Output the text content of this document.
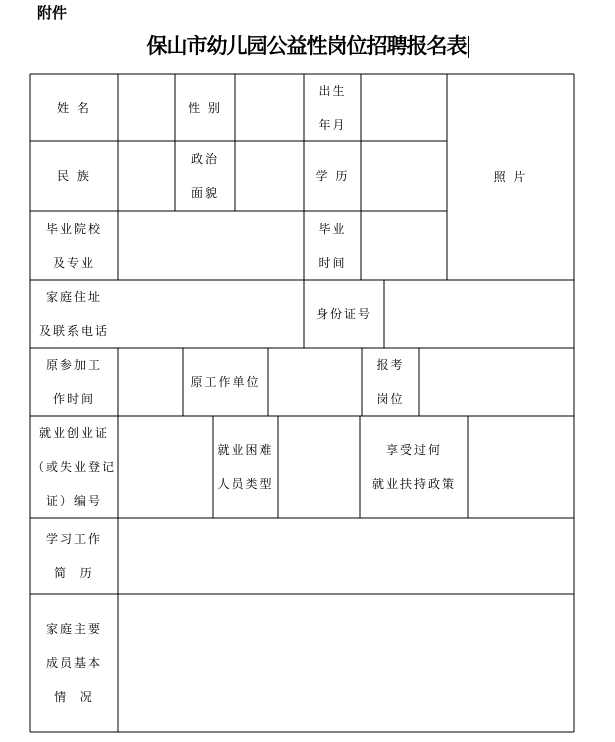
附件
保山市幼儿园公益性岗位招聘报名表
姓 名	性 别
出生
年月
照 片
民 族
政治
面貌
学 历
毕业院校
及专业
毕业
时间
家庭住址
及联系电话
身份证号
原参加工
作时间
原工作单位
报考
岗位
就业创业证
（或失业登记
证）编号
就业困难
人员类型
享受过何
就业扶持政策
学习工作
简  历
家庭主要
成员基本
情  况
